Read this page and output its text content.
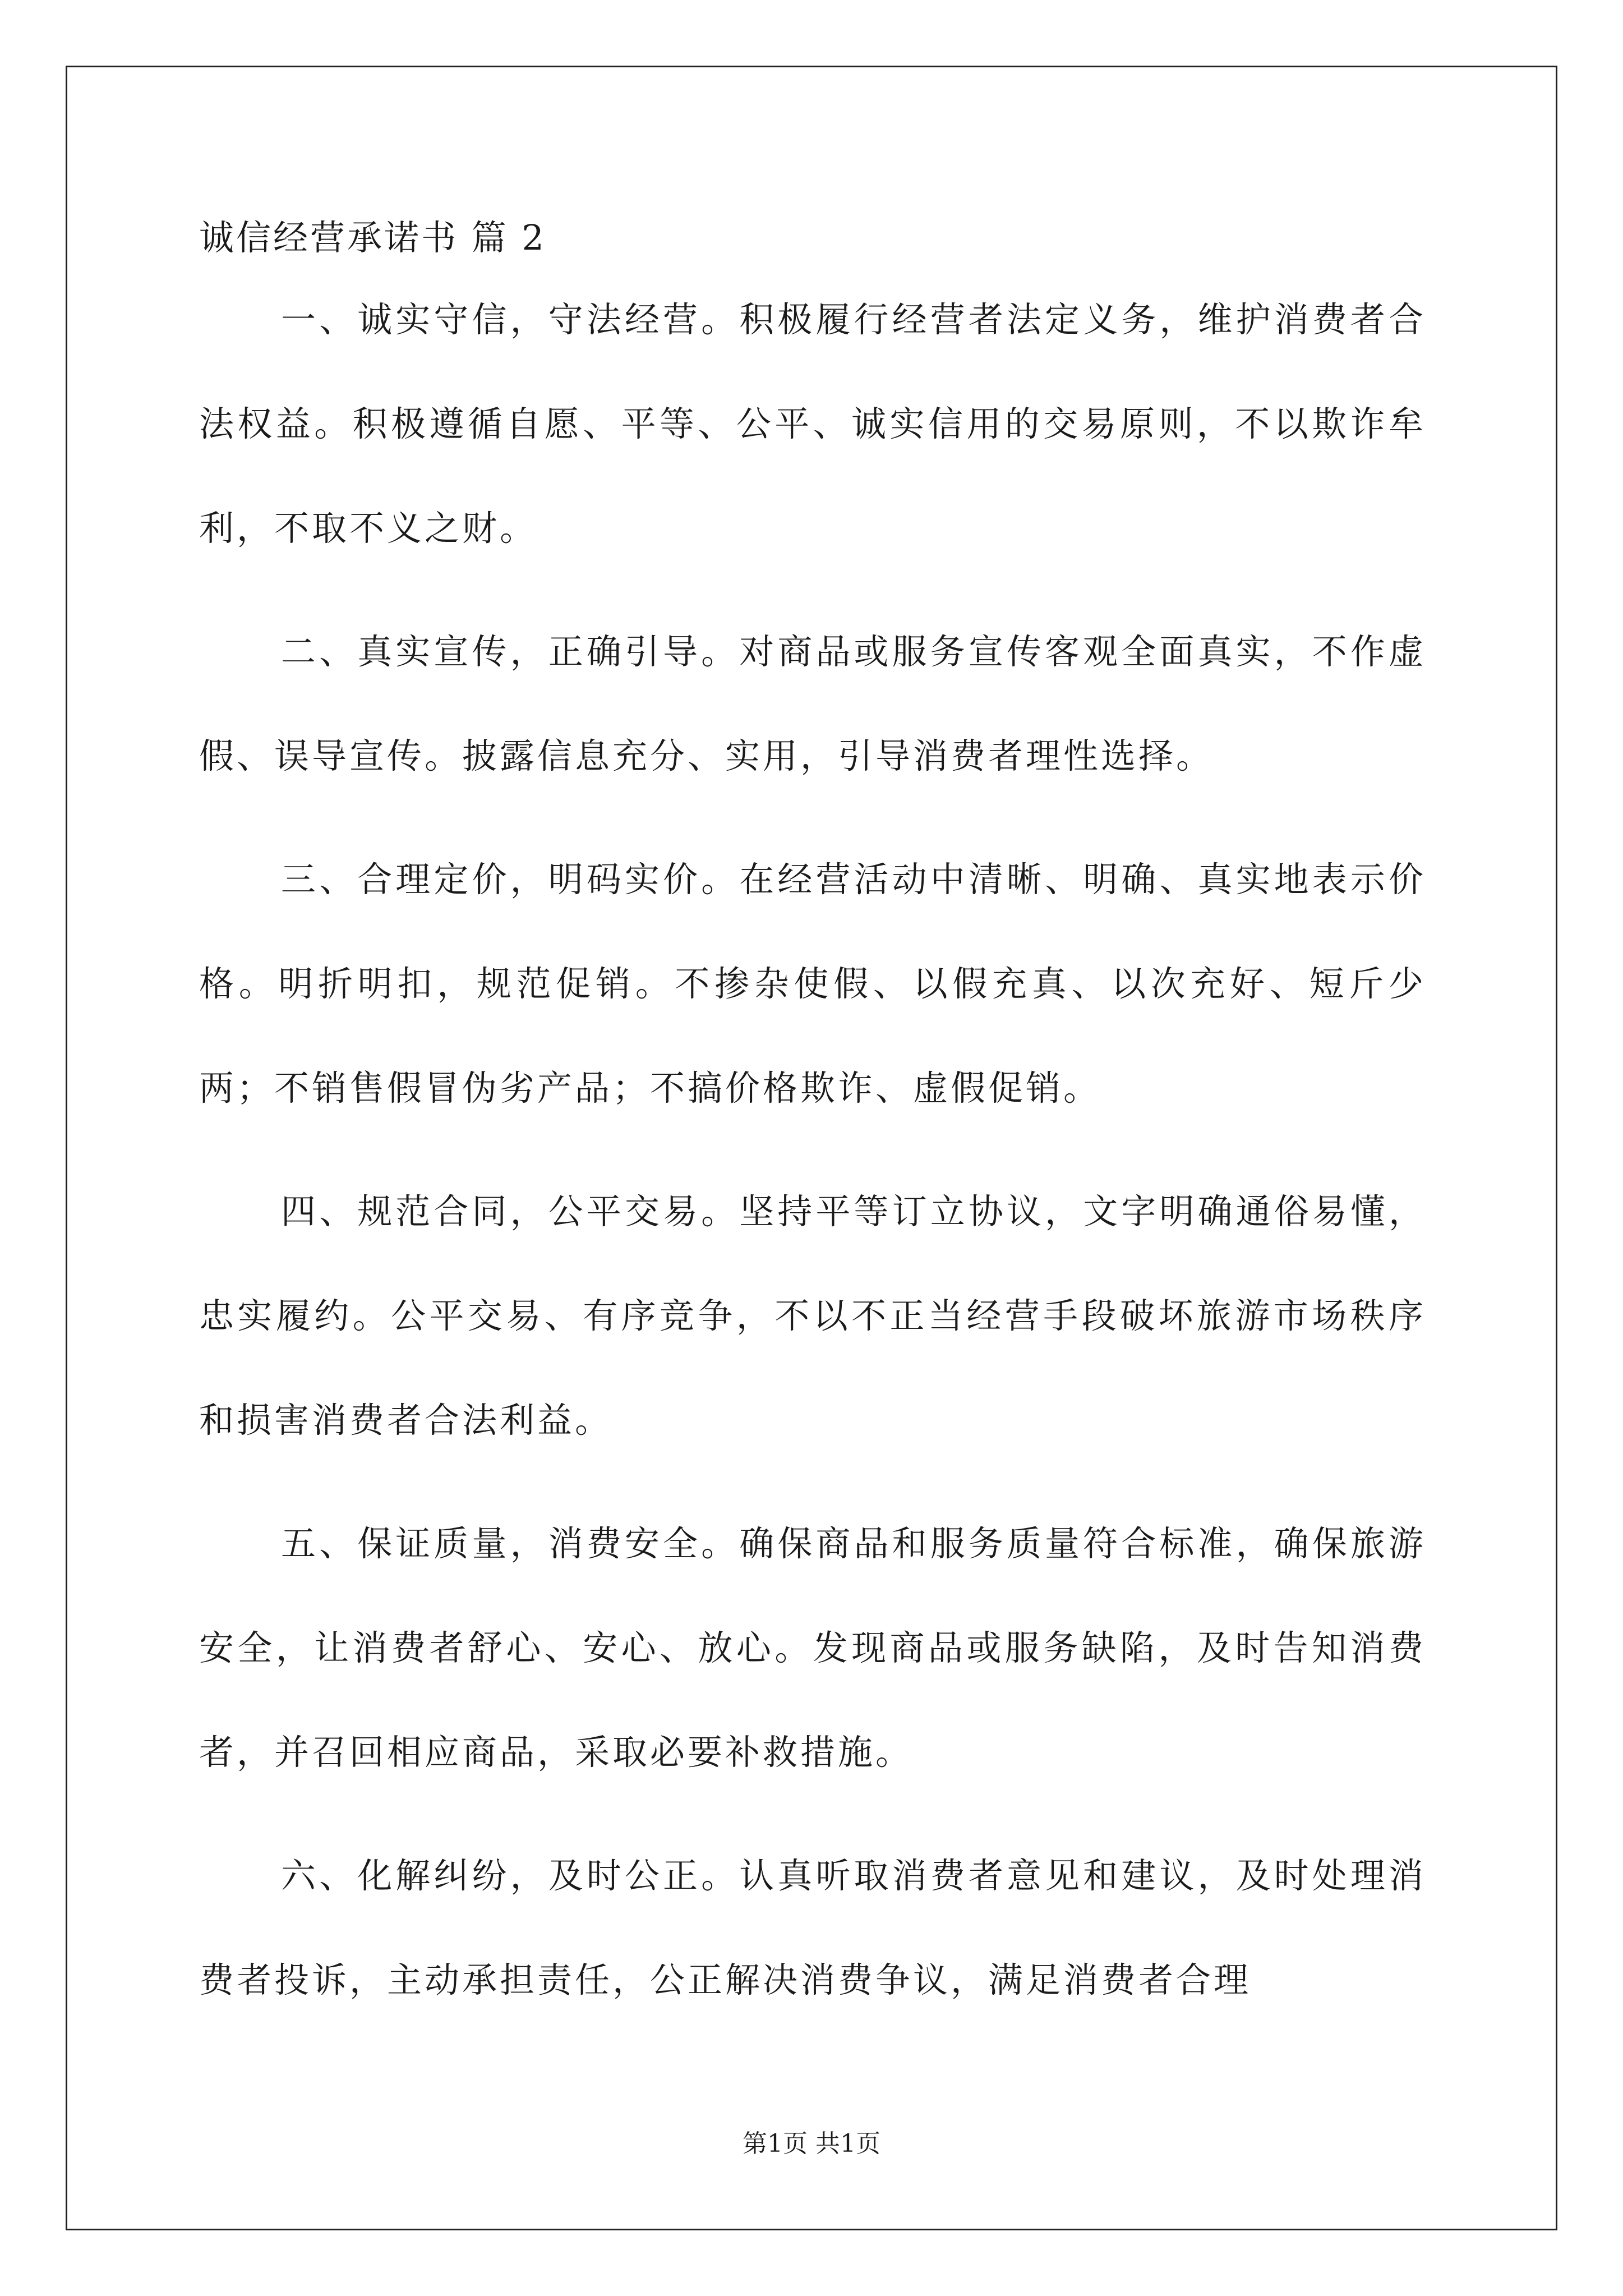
诚信经营承诺书 篇 2

一、诚实守信，守法经营。积极履行经营者法定义务，维护消费者合法权益。积极遵循自愿、平等、公平、诚实信用的交易原则，不以欺诈牟利，不取不义之财。

二、真实宣传，正确引导。对商品或服务宣传客观全面真实，不作虚假、误导宣传。披露信息充分、实用，引导消费者理性选择。

三、合理定价，明码实价。在经营活动中清晰、明确、真实地表示价格。明折明扣，规范促销。不掺杂使假、以假充真、以次充好、短斤少两；不销售假冒伪劣产品；不搞价格欺诈、虚假促销。

四、规范合同，公平交易。坚持平等订立协议，文字明确通俗易懂，忠实履约。公平交易、有序竞争，不以不正当经营手段破坏旅游市场秩序和损害消费者合法利益。

五、保证质量，消费安全。确保商品和服务质量符合标准，确保旅游安全，让消费者舒心、安心、放心。发现商品或服务缺陷，及时告知消费者，并召回相应商品，采取必要补救措施。

六、化解纠纷，及时公正。认真听取消费者意见和建议，及时处理消费者投诉，主动承担责任，公正解决消费争议，满足消费者合理

第1页 共1页
